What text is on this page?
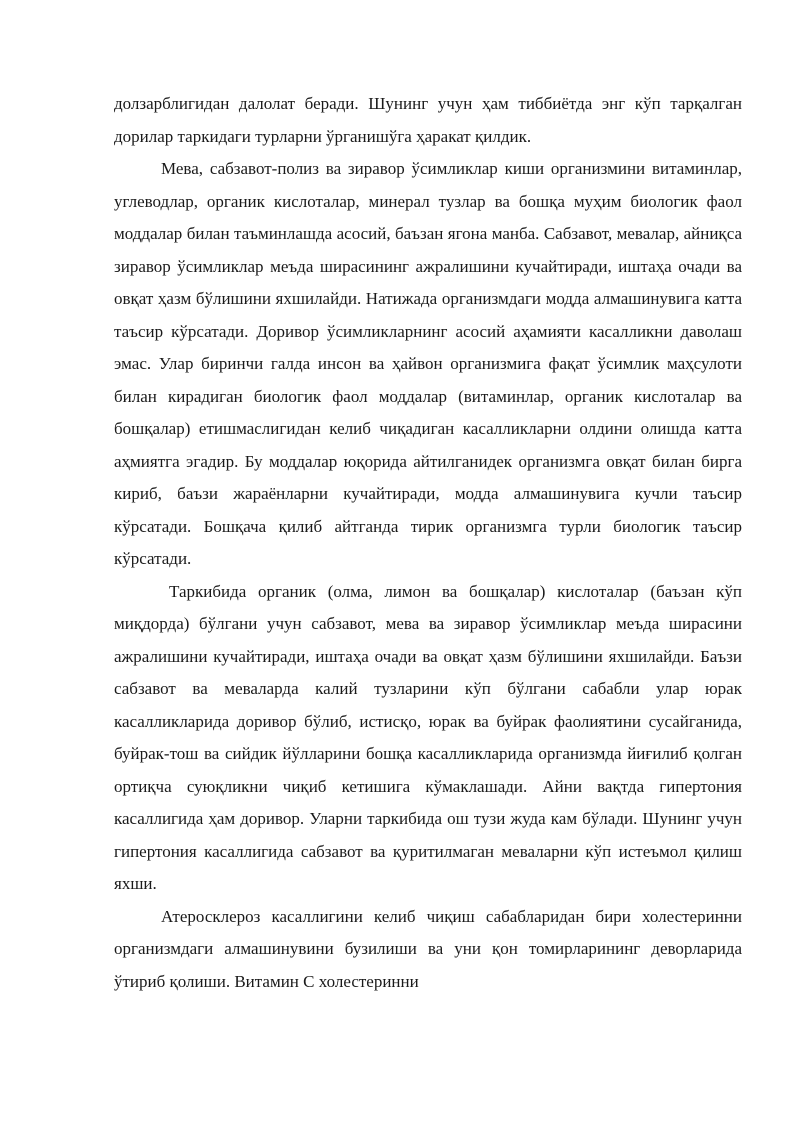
долзарблигидан далолат беради. Шунинг учун ҳам тиббиётда энг кўп тарқалган дорилар таркидаги турларни ўрганишўга ҳаракат қилдик.

Мева, сабзавот-полиз ва зиравор ўсимликлар киши организмини витаминлар, углеводлар, органик кислоталар, минерал тузлар ва бошқа муҳим биологик фаол моддалар билан таъминлашда асосий, баъзан ягона манба. Сабзавот, мевалар, айниқса зиравор ўсимликлар меъда ширасининг ажралишини кучайтиради, иштаҳа очади ва овқат ҳазм бўлишини яхшилайди. Натижада организмдаги модда алмашинувига катта таъсир кўрсатади. Доривор ўсимликларнинг асосий аҳамияти касалликни даволаш эмас. Улар биринчи галда инсон ва ҳайвон организмига фақат ўсимлик маҳсулоти билан кирадиган биологик фаол моддалар (витаминлар, органик кислоталар ва бошқалар) етишмаслигидан келиб чиқадиган касалликларни олдини олишда катта аҳмиятга эгадир. Бу моддалар юқорида айтилганидек организмга овқат билан бирга кириб, баъзи жараёнларни кучайтиради, модда алмашинувига кучли таъсир кўрсатади. Бошқача қилиб айтганда тирик организмга турли биологик таъсир кўрсатади.

Таркибида органик (олма, лимон ва бошқалар) кислоталар (баъзан кўп миқдорда) бўлгани учун сабзавот, мева ва зиравор ўсимликлар меъда ширасини ажралишини кучайтиради, иштаҳа очади ва овқат ҳазм бўлишини яхшилайди. Баъзи сабзавот ва меваларда калий тузларини кўп бўлгани сабабли улар юрак касалликларида доривор бўлиб, истисқо, юрак ва буйрак фаолиятини сусайганида, буйрак-тош ва сийдик йўлларини бошқа касалликларида организмда йиғилиб қолган ортиқча суюқликни чиқиб кетишига кўмаклашади. Айни вақтда гипертония касаллигида ҳам доривор. Уларни таркибида ош тузи жуда кам бўлади. Шунинг учун гипертония касаллигида сабзавот ва қуритилмаган меваларни кўп истеъмол қилиш яхши.

Атеросклероз касаллигини келиб чиқиш сабабларидан бири холестеринни организмдаги алмашинувини бузилиши ва уни қон томирларининг деворларида ўтириб қолиши. Витамин С холестеринни
